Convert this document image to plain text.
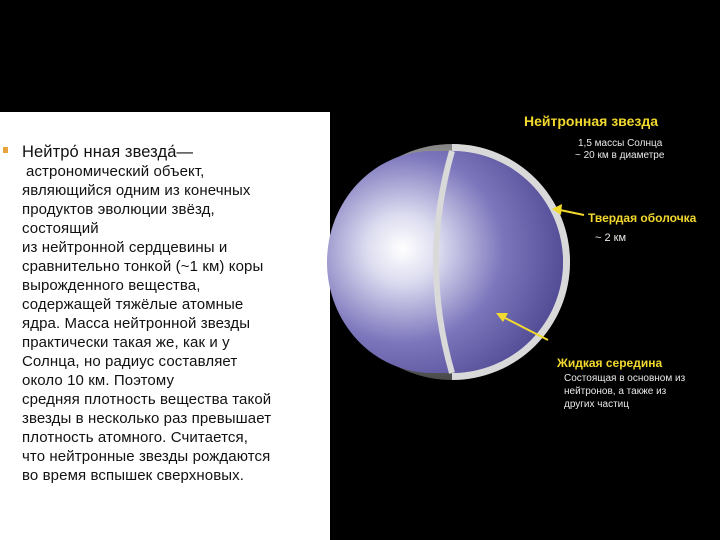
Нейтро́ нная звезда́—
астрономический объект,
являющийся одним из конечных
продуктов эволюции звёзд,
состоящий
из нейтронной сердцевины и
сравнительно тонкой (~1 км) коры
вырожденного вещества,
содержащей тяжёлые атомные
ядра. Масса нейтронной звезды
практически такая же, как и у
Солнца, но радиус составляет
около 10 км. Поэтому
средняя плотность вещества такой
звезды в несколько раз превышает
плотность атомного. Считается,
что нейтронные звезды рождаются
во время вспышек сверхновых.
Нейтронная звезда
1,5 массы Солнца
~ 20 км в диаметре
Твердая оболочка
~ 2 км
Жидкая середина
Состоящая в основном из
нейтронов, а также из
других частиц
